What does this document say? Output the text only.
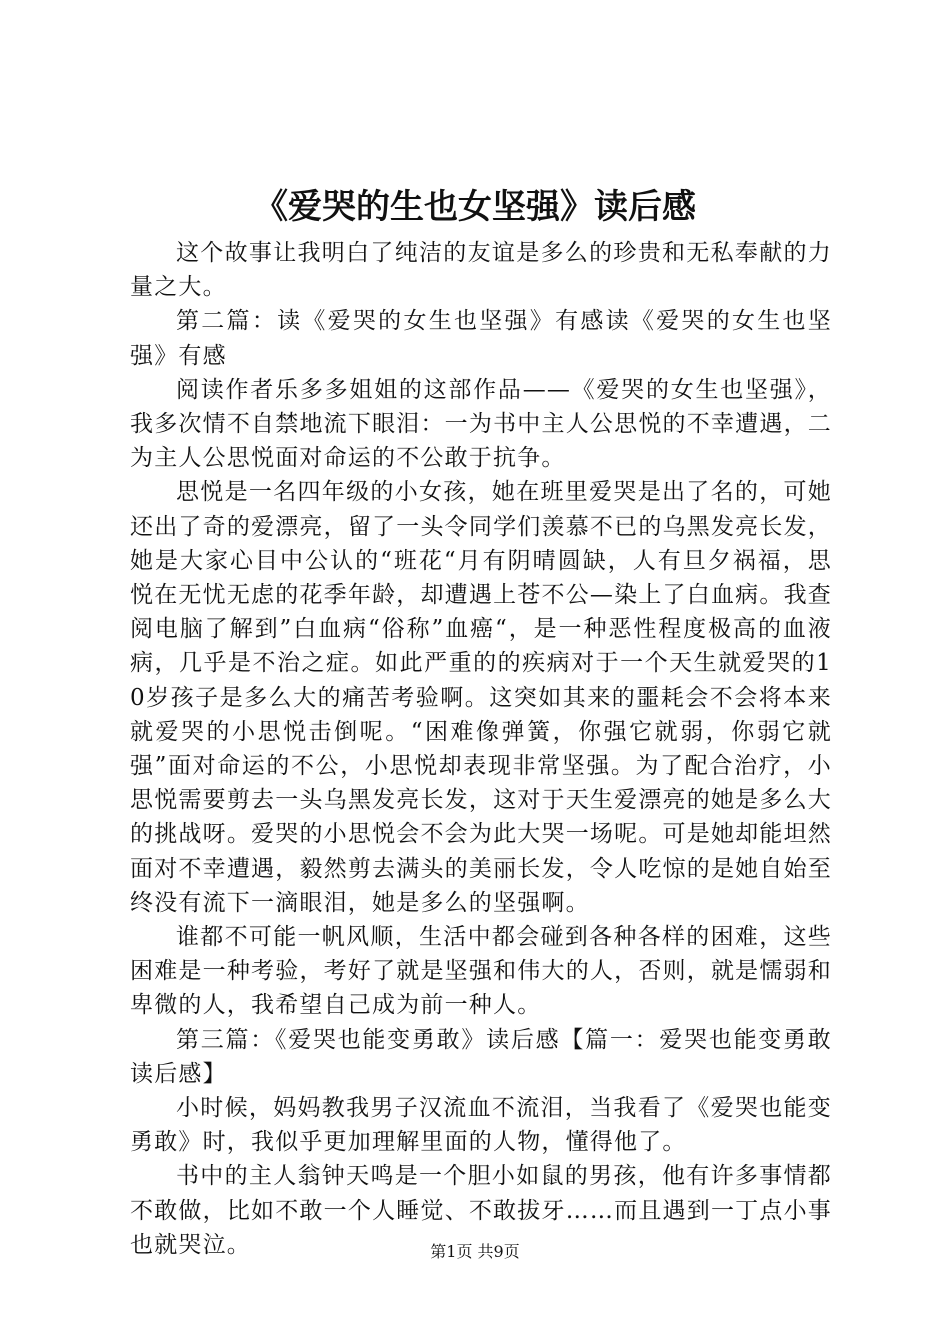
《爱哭的生也女坚强》读后感

这个故事让我明白了纯洁的友谊是多么的珍贵和无私奉献的力量之大。

第二篇：读《爱哭的女生也坚强》有感读《爱哭的女生也坚强》有感

阅读作者乐多多姐姐的这部作品——《爱哭的女生也坚强》，我多次情不自禁地流下眼泪：一为书中主人公思悦的不幸遭遇，二为主人公思悦面对命运的不公敢于抗争。

思悦是一名四年级的小女孩，她在班里爱哭是出了名的，可她还出了奇的爱漂亮，留了一头令同学们羡慕不已的乌黑发亮长发，她是大家心目中公认的“班花“月有阴晴圆缺，人有旦夕祸福，思悦在无忧无虑的花季年龄，却遭遇上苍不公—染上了白血病。我查阅电脑了解到”白血病“俗称”血癌“，是一种恶性程度极高的血液病，几乎是不治之症。如此严重的的疾病对于一个天生就爱哭的10岁孩子是多么大的痛苦考验啊。这突如其来的噩耗会不会将本来就爱哭的小思悦击倒呢。“困难像弹簧，你强它就弱，你弱它就强”面对命运的不公，小思悦却表现非常坚强。为了配合治疗，小思悦需要剪去一头乌黑发亮长发，这对于天生爱漂亮的她是多么大的挑战呀。爱哭的小思悦会不会为此大哭一场呢。可是她却能坦然面对不幸遭遇，毅然剪去满头的美丽长发，令人吃惊的是她自始至终没有流下一滴眼泪，她是多么的坚强啊。

谁都不可能一帆风顺，生活中都会碰到各种各样的困难，这些困难是一种考验，考好了就是坚强和伟大的人，否则，就是懦弱和卑微的人，我希望自己成为前一种人。

第三篇：《爱哭也能变勇敢》读后感【篇一：爱哭也能变勇敢读后感】

小时候，妈妈教我男子汉流血不流泪，当我看了《爱哭也能变勇敢》时，我似乎更加理解里面的人物，懂得他了。

书中的主人翁钟天鸣是一个胆小如鼠的男孩，他有许多事情都不敢做，比如不敢一个人睡觉、不敢拔牙……而且遇到一丁点小事也就哭泣。	第1页 共9页
